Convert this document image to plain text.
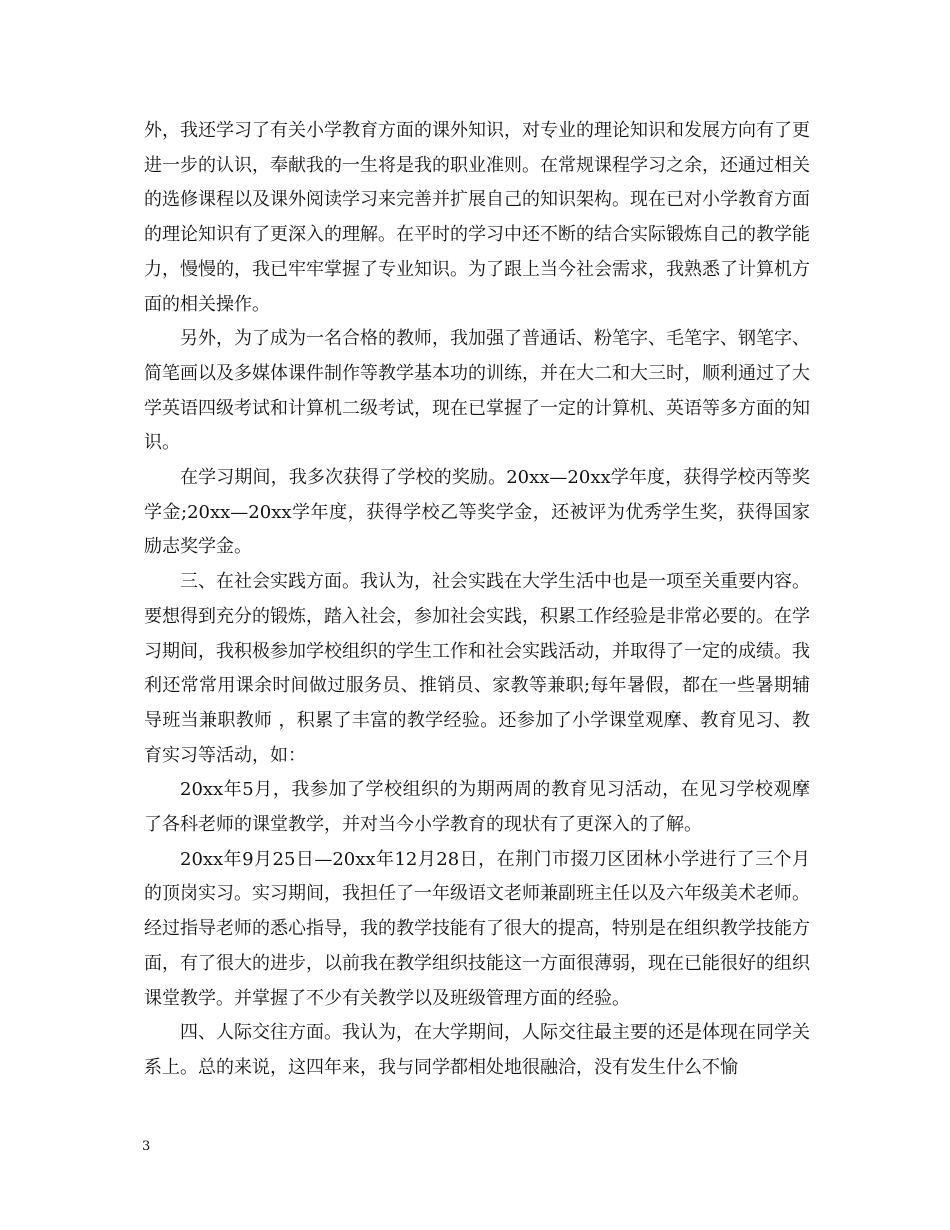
外，我还学习了有关小学教育方面的课外知识，对专业的理论知识和发展方向有了更进一步的认识，奉献我的一生将是我的职业准则。在常规课程学习之余，还通过相关的选修课程以及课外阅读学习来完善并扩展自己的知识架构。现在已对小学教育方面的理论知识有了更深入的理解。在平时的学习中还不断的结合实际锻炼自己的教学能力，慢慢的，我已牢牢掌握了专业知识。为了跟上当今社会需求，我熟悉了计算机方面的相关操作。

另外，为了成为一名合格的教师，我加强了普通话、粉笔字、毛笔字、钢笔字、简笔画以及多媒体课件制作等教学基本功的训练，并在大二和大三时，顺利通过了大学英语四级考试和计算机二级考试，现在已掌握了一定的计算机、英语等多方面的知识。

在学习期间，我多次获得了学校的奖励。20xx—20xx学年度，获得学校丙等奖学金;20xx—20xx学年度，获得学校乙等奖学金，还被评为优秀学生奖，获得国家励志奖学金。

三、在社会实践方面。我认为，社会实践在大学生活中也是一项至关重要内容。要想得到充分的锻炼，踏入社会，参加社会实践，积累工作经验是非常必要的。在学习期间，我积极参加学校组织的学生工作和社会实践活动，并取得了一定的成绩。我利还常常用课余时间做过服务员、推销员、家教等兼职;每年暑假，都在一些暑期辅导班当兼职教师 ，积累了丰富的教学经验。还参加了小学课堂观摩、教育见习、教育实习等活动，如：

20xx年5月，我参加了学校组织的为期两周的教育见习活动，在见习学校观摩了各科老师的课堂教学，并对当今小学教育的现状有了更深入的了解。

20xx年9月25日—20xx年12月28日，在荆门市掇刀区团林小学进行了三个月的顶岗实习。实习期间，我担任了一年级语文老师兼副班主任以及六年级美术老师。经过指导老师的悉心指导，我的教学技能有了很大的提高，特别是在组织教学技能方面，有了很大的进步，以前我在教学组织技能这一方面很薄弱，现在已能很好的组织课堂教学。并掌握了不少有关教学以及班级管理方面的经验。

四、人际交往方面。我认为，在大学期间，人际交往最主要的还是体现在同学关系上。总的来说，这四年来，我与同学都相处地很融洽，没有发生什么不愉

3
